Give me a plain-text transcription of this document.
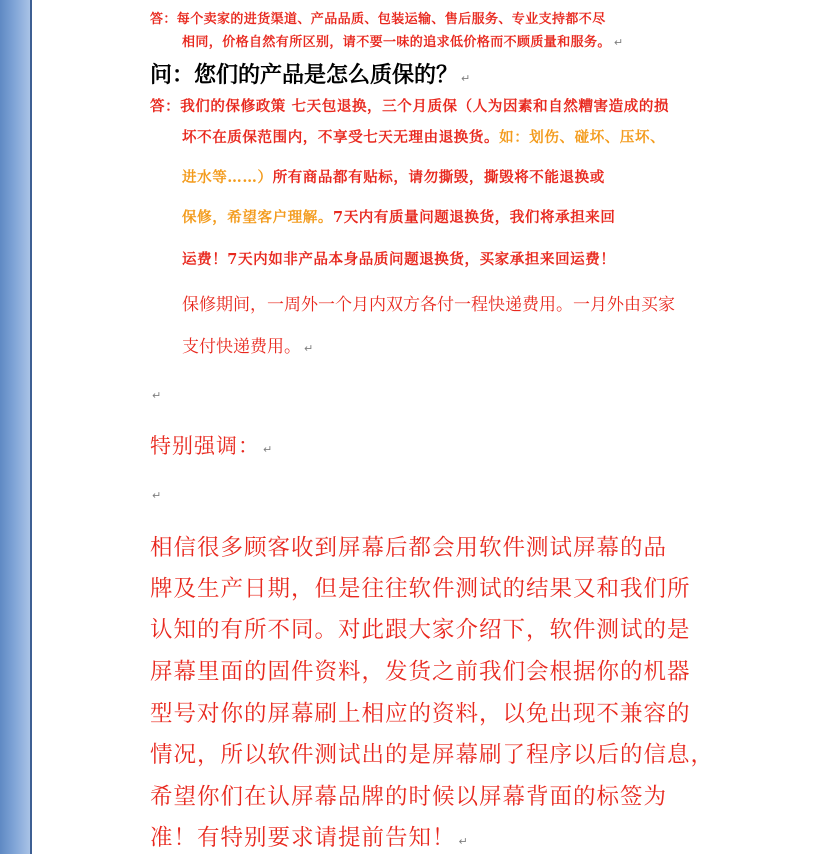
答：每个卖家的进货渠道、产品品质、包装运输、售后服务、专业支持都不尽
相同，价格自然有所区别，请不要一味的追求低价格而不顾质量和服务。 ↵
问：您们的产品是怎么质保的？ ↵
答：我们的保修政策 七天包退换，三个月质保（人为因素和自然糟害造成的损
坏不在质保范围内，不享受七天无理由退换货。如：划伤、碰坏、压坏、
进水等……）所有商品都有贴标，请勿撕毁，撕毁将不能退换或
保修，希望客户理解。7天内有质量问题退换货，我们将承担来回
运费！7天内如非产品本身品质问题退换货，买家承担来回运费！
保修期间，一周外一个月内双方各付一程快递费用。一月外由买家
支付快递费用。 ↵
↵
特别强调： ↵
↵
相信很多顾客收到屏幕后都会用软件测试屏幕的品
牌及生产日期，但是往往软件测试的结果又和我们所
认知的有所不同。对此跟大家介绍下，软件测试的是
屏幕里面的固件资料，发货之前我们会根据你的机器
型号对你的屏幕刷上相应的资料，以免出现不兼容的
情况，所以软件测试出的是屏幕刷了程序以后的信息，
希望你们在认屏幕品牌的时候以屏幕背面的标签为
准！有特别要求请提前告知！ ↵
